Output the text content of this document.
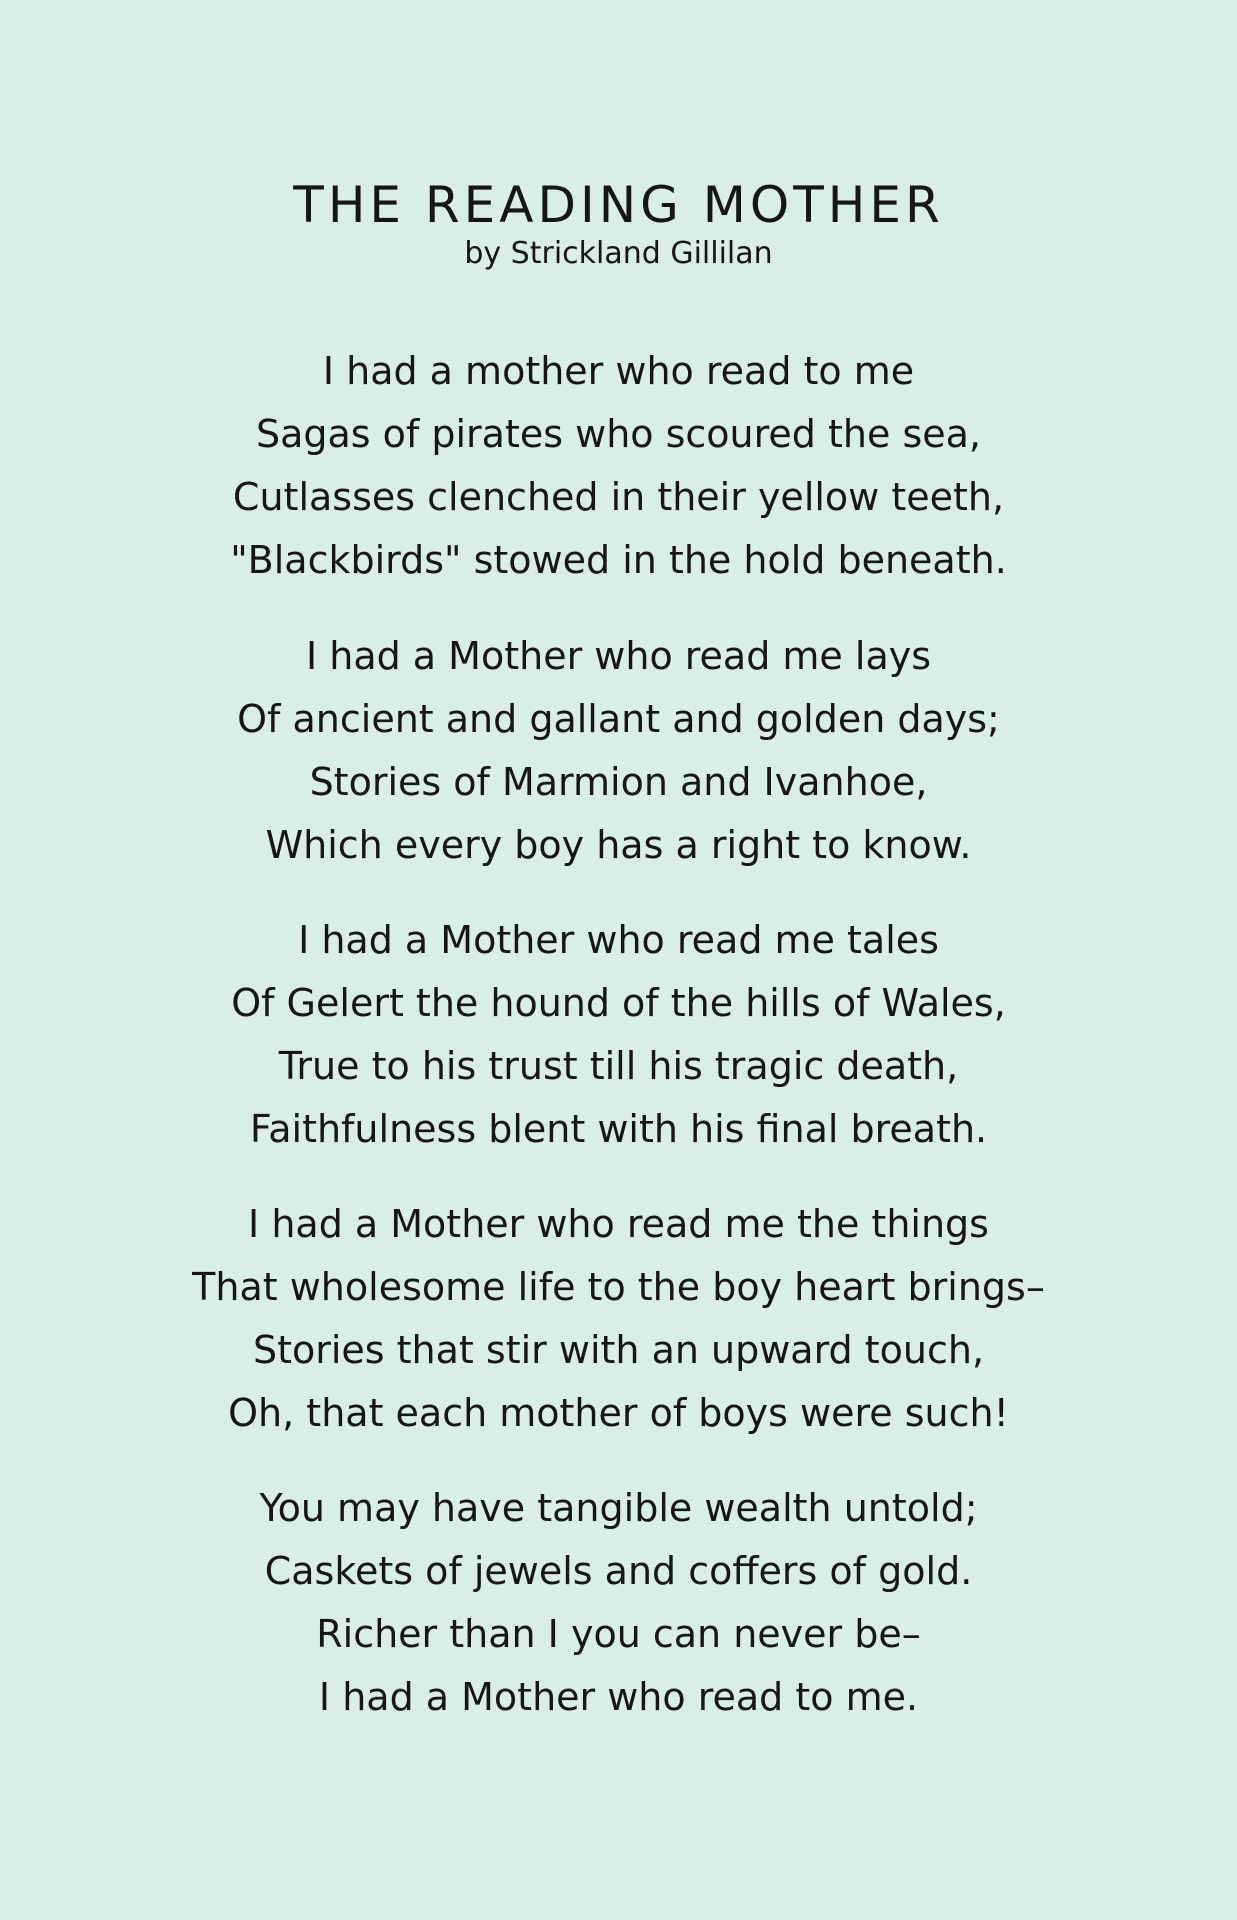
THE READING MOTHER

by Strickland Gillilan

I had a mother who read to me
Sagas of pirates who scoured the sea,
Cutlasses clenched in their yellow teeth,
"Blackbirds" stowed in the hold beneath.
I had a Mother who read me lays
Of ancient and gallant and golden days;
Stories of Marmion and Ivanhoe,
Which every boy has a right to know.
I had a Mother who read me tales
Of Gelert the hound of the hills of Wales,
True to his trust till his tragic death,
Faithfulness blent with his final breath.
I had a Mother who read me the things
That wholesome life to the boy heart brings–
Stories that stir with an upward touch,
Oh, that each mother of boys were such!
You may have tangible wealth untold;
Caskets of jewels and coffers of gold.
Richer than I you can never be–
I had a Mother who read to me.
